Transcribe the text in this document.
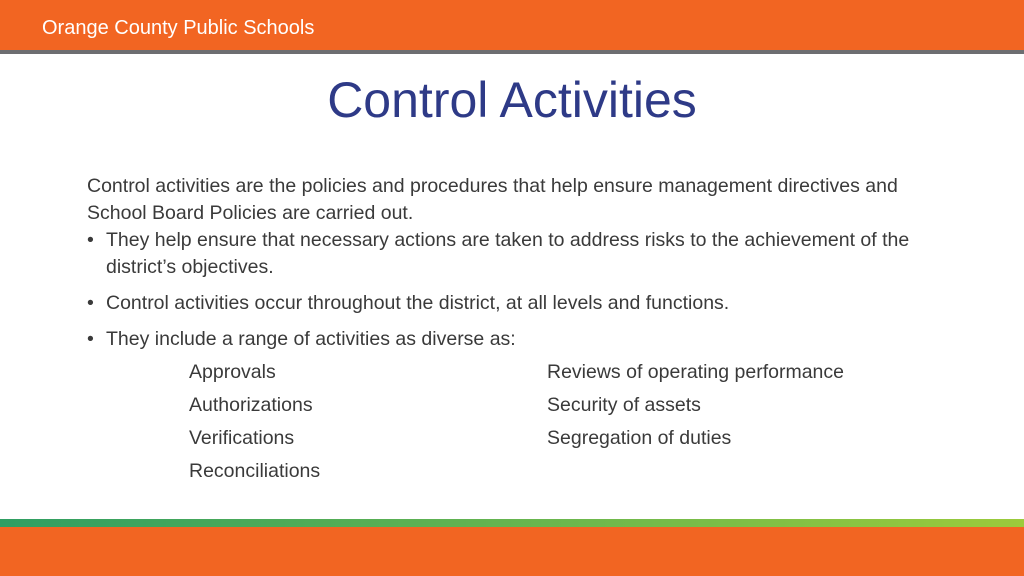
Orange County Public Schools
Control Activities
Control activities are the policies and procedures that help ensure management directives and School Board Policies are carried out.
• They help ensure that necessary actions are taken to address risks to the achievement of the district’s objectives.
• Control activities occur throughout the district, at all levels and functions.
• They include a range of activities as diverse as:
Approvals
Authorizations
Verifications
Reconciliations
Reviews of operating performance
Security of assets
Segregation of duties
